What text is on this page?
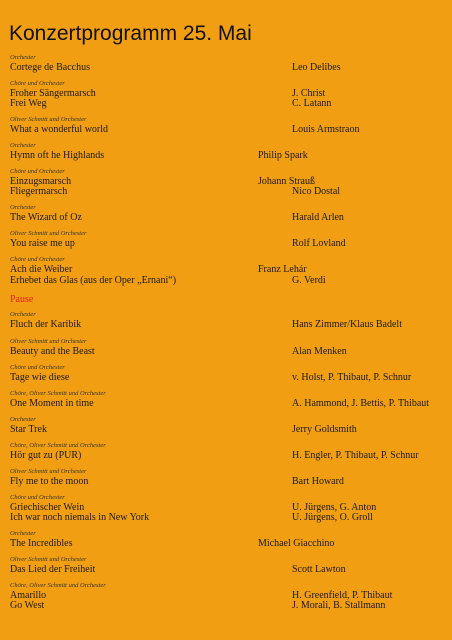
Konzertprogramm 25. Mai
Orchester
Cortege de Bacchus	Leo Delibes
Chöre und Orchester
Froher Sängermarsch	J. Christ
Frei Weg	C. Latann
Oliver Schmitt und Orchester
What a wonderful world	Louis Armstraon
Orchester
Hymn oft he Highlands	Philip Spark
Chöre und Orchester
Einzugsmarsch	Johann Strauß
Fliegermarsch	Nico Dostal
Orchester
The Wizard of Oz	Harald Arlen
Oliver Schmitt und Orchester
You raise me up	Rolf Lovland
Chöre und Orchester
Ach die Weiber	Franz Lehár
Erhebet das Glas (aus der Oper „Ernani“)	G. Verdi
Pause
Orchester
Fluch der Karibik	Hans Zimmer/Klaus Badelt
Oliver Schmitt und Orchester
Beauty and the Beast	Alan Menken
Chöre und Orchester
Tage wie diese	v. Holst, P. Thibaut, P. Schnur
Chöre, Oliver Schmitt und Orchester
One Moment in time	A. Hammond, J. Bettis, P. Thibaut
Orchester
Star Trek	Jerry Goldsmith
Chöre, Oliver Schmitt und Orchester
Hör gut zu (PUR)	H. Engler, P. Thibaut, P. Schnur
Oliver Schmitt und Orchester
Fly me to the moon	Bart Howard
Chöre und Orchester
Griechischer Wein	U. Jürgens, G. Anton
Ich war noch niemals in New York	U. Jürgens, O. Groll
Orchester
The Incredibles	Michael Giacchino
Oliver Schmitt und Orchester
Das Lied der Freiheit	Scott Lawton
Chöre, Oliver Schmitt und Orchester
Amarillo	H. Greenfield, P. Thibaut
Go West	J. Morali, B. Stallmann
